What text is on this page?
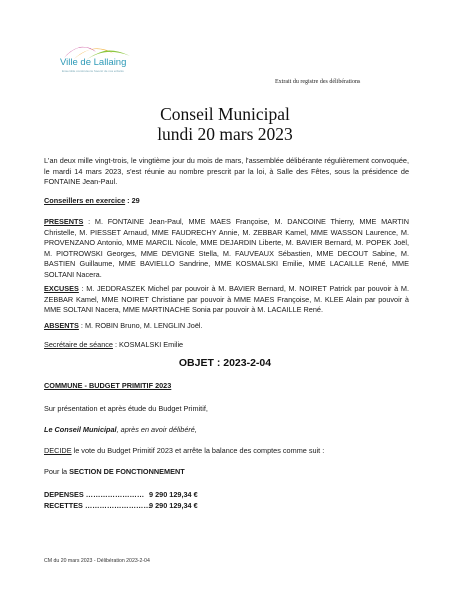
Ville de Lallaing
Ensemble construisons l'avenir de nos enfants
Extrait du registre des délibérations
Conseil Municipal
lundi 20 mars 2023
L'an deux mille vingt-trois, le vingtième jour du mois de mars, l'assemblée délibérante régulièrement convoquée, le mardi 14 mars 2023, s'est réunie au nombre prescrit par la loi, à Salle des Fêtes, sous la présidence de FONTAINE Jean-Paul.
Conseillers en exercice : 29
PRESENTS : M. FONTAINE Jean-Paul, MME MAES Françoise, M. DANCOINE Thierry, MME MARTIN Christelle, M. PIESSET Arnaud, MME FAUDRECHY Annie, M. ZEBBAR Kamel, MME WASSON Laurence, M. PROVENZANO Antonio, MME MARCIL Nicole, MME DEJARDIN Liberte, M. BAVIER Bernard, M. POPEK Joël, M. PIOTROWSKI Georges, MME DEVIGNE Stella, M. FAUVEAUX Sébastien, MME DECOUT Sabine, M. BASTIEN Guillaume, MME BAVIELLO Sandrine, MME KOSMALSKI Emilie, MME LACAILLE René, MME SOLTANI Nacera.
EXCUSES : M. JEDDRASZEK Michel par pouvoir à M. BAVIER Bernard, M. NOIRET Patrick par pouvoir à M. ZEBBAR Kamel, MME NOIRET Christiane par pouvoir à MME MAES Françoise, M. KLEE Alain par pouvoir à MME SOLTANI Nacera, MME MARTINACHE Sonia par pouvoir à M. LACAILLE René.
ABSENTS : M. ROBIN Bruno, M. LENGLIN Joël.
Secrétaire de séance : KOSMALSKI Emilie
OBJET : 2023-2-04
COMMUNE - BUDGET PRIMITIF 2023
Sur présentation et après étude du Budget Primitif,
Le Conseil Municipal, après en avoir délibéré,
DECIDE le vote du Budget Primitif 2023 et arrête la balance des comptes comme suit :
Pour la SECTION DE FONCTIONNEMENT
DEPENSES …………………… 9 290 129,34 €
RECETTES ………………………9 290 129,34 €
CM du 20 mars 2023 - Délibération 2023-2-04
